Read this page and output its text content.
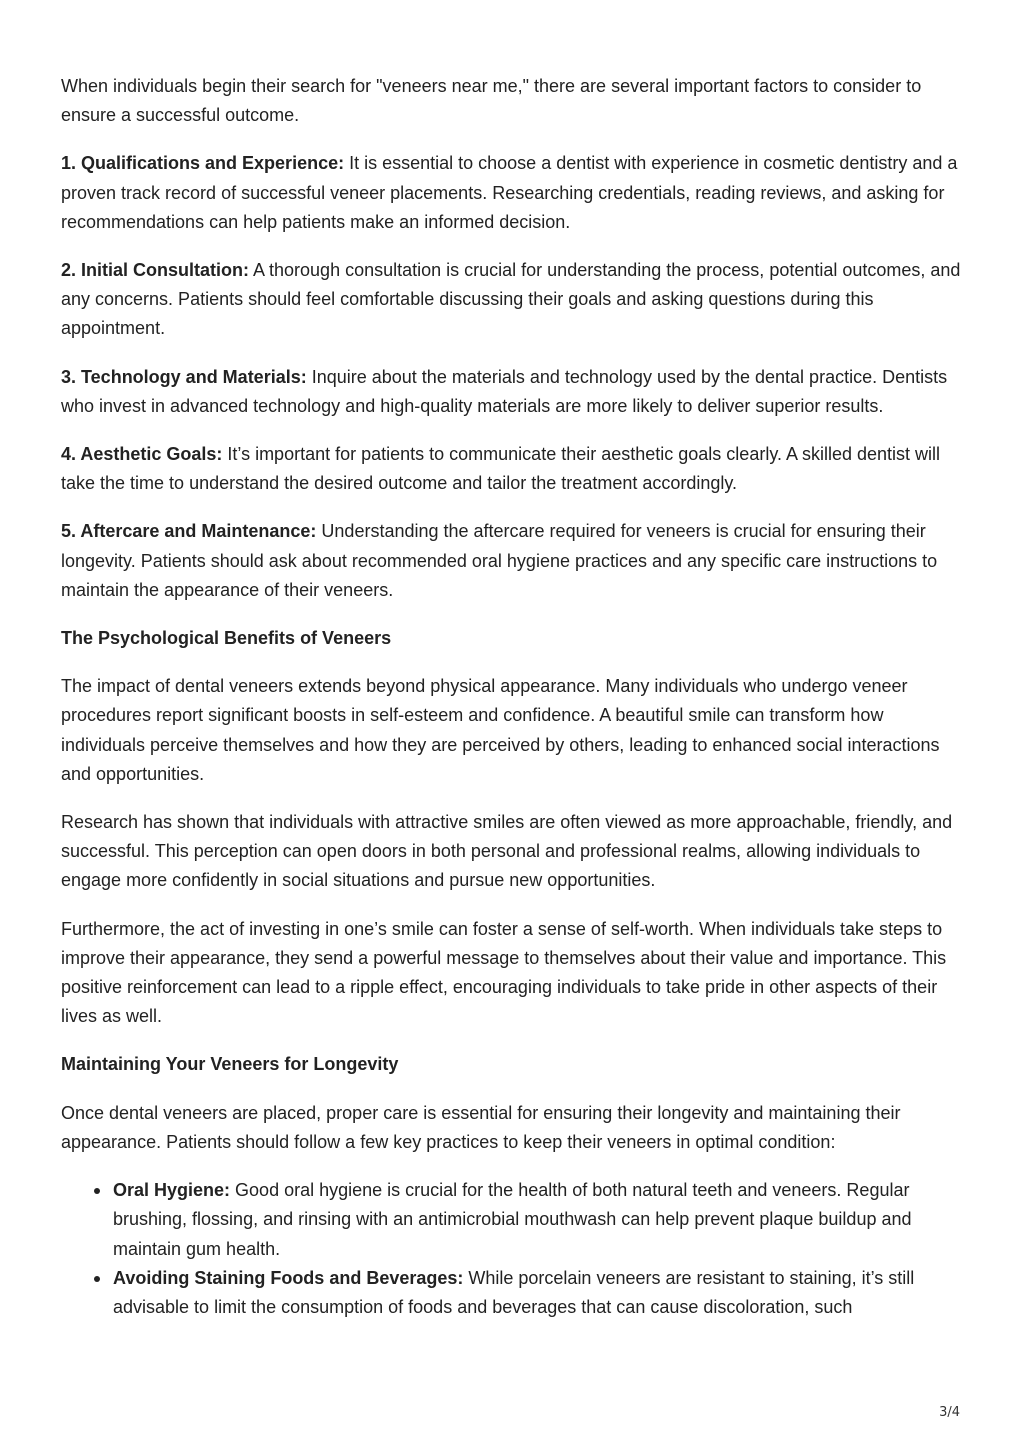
When individuals begin their search for "veneers near me," there are several important factors to consider to ensure a successful outcome.

1. Qualifications and Experience: It is essential to choose a dentist with experience in cosmetic dentistry and a proven track record of successful veneer placements. Researching credentials, reading reviews, and asking for recommendations can help patients make an informed decision.

2. Initial Consultation: A thorough consultation is crucial for understanding the process, potential outcomes, and any concerns. Patients should feel comfortable discussing their goals and asking questions during this appointment.

3. Technology and Materials: Inquire about the materials and technology used by the dental practice. Dentists who invest in advanced technology and high-quality materials are more likely to deliver superior results.

4. Aesthetic Goals: It’s important for patients to communicate their aesthetic goals clearly. A skilled dentist will take the time to understand the desired outcome and tailor the treatment accordingly.

5. Aftercare and Maintenance: Understanding the aftercare required for veneers is crucial for ensuring their longevity. Patients should ask about recommended oral hygiene practices and any specific care instructions to maintain the appearance of their veneers.

The Psychological Benefits of Veneers

The impact of dental veneers extends beyond physical appearance. Many individuals who undergo veneer procedures report significant boosts in self-esteem and confidence. A beautiful smile can transform how individuals perceive themselves and how they are perceived by others, leading to enhanced social interactions and opportunities.

Research has shown that individuals with attractive smiles are often viewed as more approachable, friendly, and successful. This perception can open doors in both personal and professional realms, allowing individuals to engage more confidently in social situations and pursue new opportunities.

Furthermore, the act of investing in one’s smile can foster a sense of self-worth. When individuals take steps to improve their appearance, they send a powerful message to themselves about their value and importance. This positive reinforcement can lead to a ripple effect, encouraging individuals to take pride in other aspects of their lives as well.

Maintaining Your Veneers for Longevity

Once dental veneers are placed, proper care is essential for ensuring their longevity and maintaining their appearance. Patients should follow a few key practices to keep their veneers in optimal condition:

Oral Hygiene: Good oral hygiene is crucial for the health of both natural teeth and veneers. Regular brushing, flossing, and rinsing with an antimicrobial mouthwash can help prevent plaque buildup and maintain gum health.
Avoiding Staining Foods and Beverages: While porcelain veneers are resistant to staining, it’s still advisable to limit the consumption of foods and beverages that can cause discoloration, such
3/4
